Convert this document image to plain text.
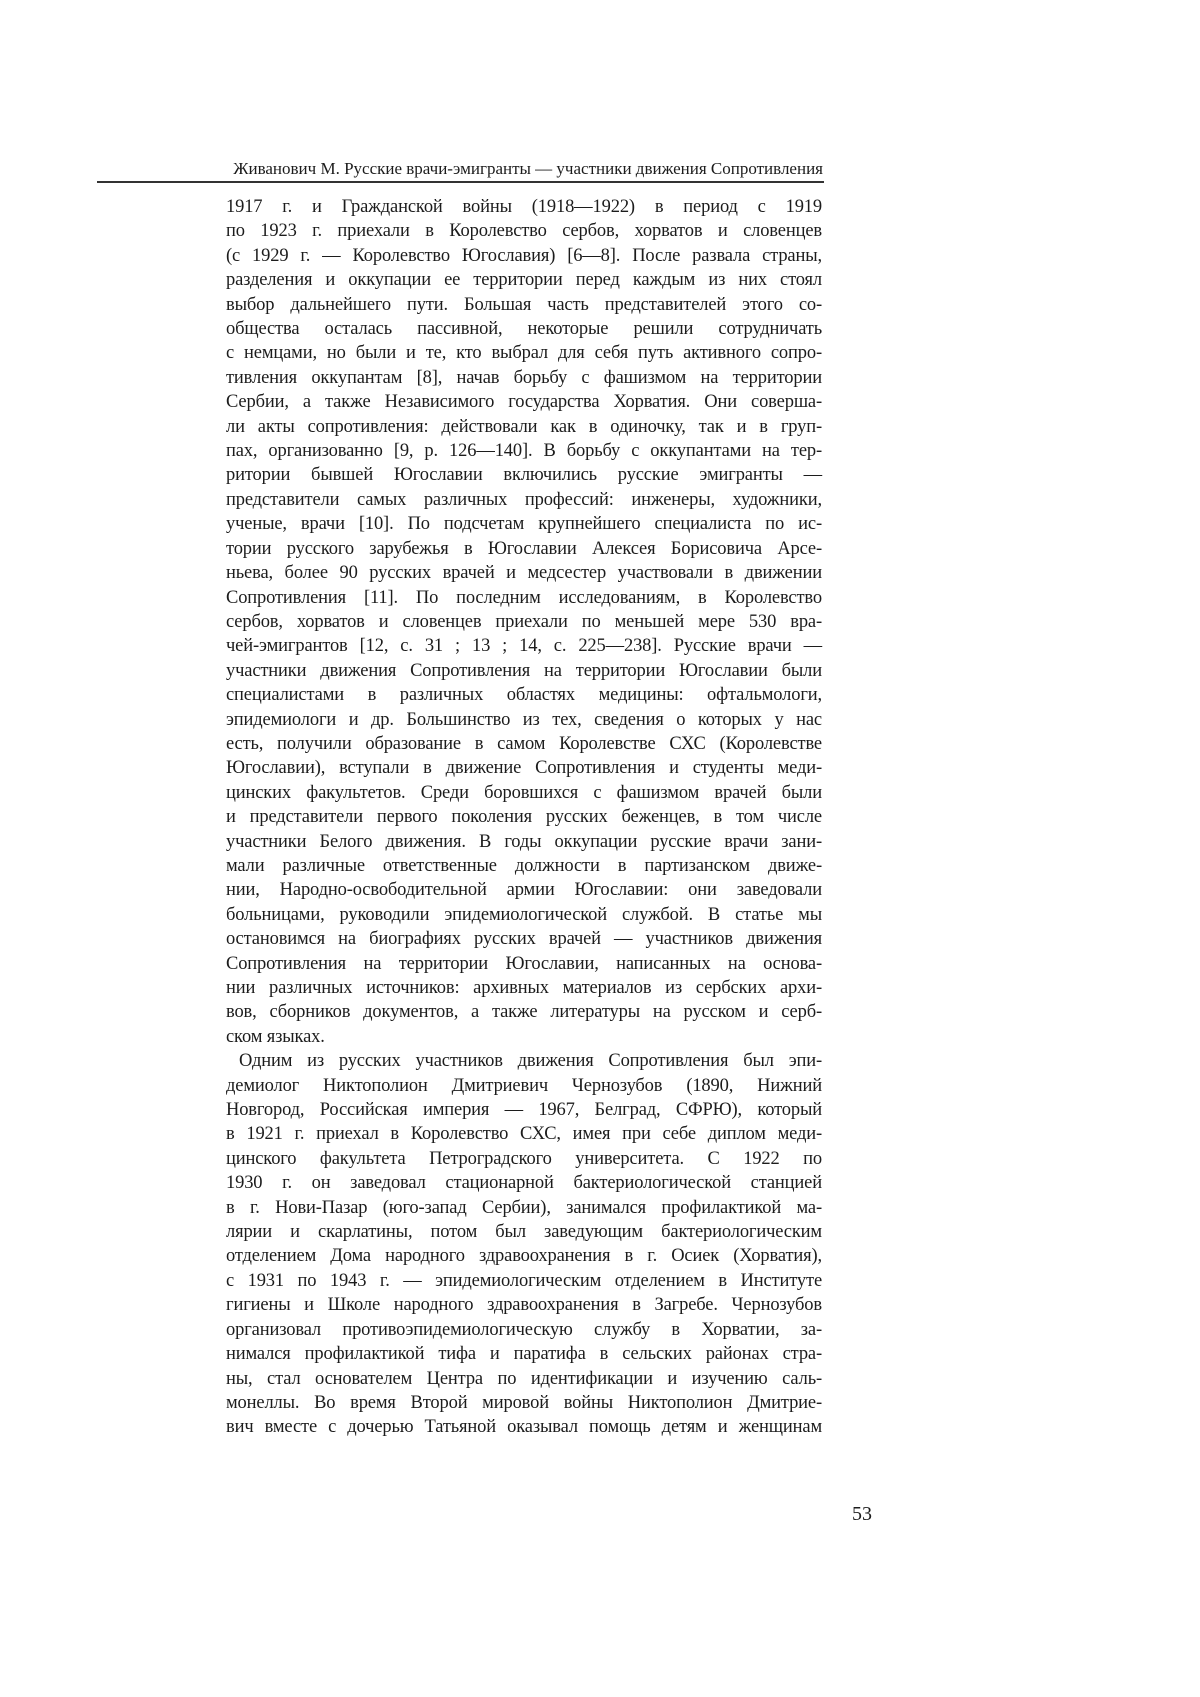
Живанович М. Русские врачи-эмигранты — участники движения Сопротивления
1917 г. и Гражданской войны (1918—1922) в период с 1919
по 1923 г. приехали в Королевство сербов, хорватов и словенцев
(с 1929 г. — Королевство Югославия) [6—8]. После развала страны,
разделения и оккупации ее территории перед каждым из них стоял
выбор дальнейшего пути. Большая часть представителей этого со-
общества осталась пассивной, некоторые решили сотрудничать
с немцами, но были и те, кто выбрал для себя путь активного сопро-
тивления оккупантам [8], начав борьбу с фашизмом на территории
Сербии, а также Независимого государства Хорватия. Они соверша-
ли акты сопротивления: действовали как в одиночку, так и в груп-
пах, организованно [9, p. 126—140]. В борьбу с оккупантами на тер-
ритории бывшей Югославии включились русские эмигранты —
представители самых различных профессий: инженеры, художники,
ученые, врачи [10]. По подсчетам крупнейшего специалиста по ис-
тории русского зарубежья в Югославии Алексея Борисовича Арсе-
ньева, более 90 русских врачей и медсестер участвовали в движении
Сопротивления [11]. По последним исследованиям, в Королевство
сербов, хорватов и словенцев приехали по меньшей мере 530 вра-
чей-эмигрантов [12, с. 31 ; 13 ; 14, с. 225—238]. Русские врачи —
участники движения Сопротивления на территории Югославии были
специалистами в различных областях медицины: офтальмологи,
эпидемиологи и др. Большинство из тех, сведения о которых у нас
есть, получили образование в самом Королевстве СХС (Королевстве
Югославии), вступали в движение Сопротивления и студенты меди-
цинских факультетов. Среди боровшихся с фашизмом врачей были
и представители первого поколения русских беженцев, в том числе
участники Белого движения. В годы оккупации русские врачи зани-
мали различные ответственные должности в партизанском движе-
нии, Народно-освободительной армии Югославии: они заведовали
больницами, руководили эпидемиологической службой. В статье мы
остановимся на биографиях русских врачей — участников движения
Сопротивления на территории Югославии, написанных на основа-
нии различных источников: архивных материалов из сербских архи-
вов, сборников документов, а также литературы на русском и серб-
ском языках.
Одним из русских участников движения Сопротивления был эпи-
демиолог Никтополион Дмитриевич Чернозубов (1890, Нижний
Новгород, Российская империя — 1967, Белград, СФРЮ), который
в 1921 г. приехал в Королевство СХС, имея при себе диплом меди-
цинского факультета Петроградского университета. С 1922 по
1930 г. он заведовал стационарной бактериологической станцией
в г. Нови-Пазар (юго-запад Сербии), занимался профилактикой ма-
лярии и скарлатины, потом был заведующим бактериологическим
отделением Дома народного здравоохранения в г. Осиек (Хорватия),
с 1931 по 1943 г. — эпидемиологическим отделением в Институте
гигиены и Школе народного здравоохранения в Загребе. Чернозубов
организовал противоэпидемиологическую службу в Хорватии, за-
нимался профилактикой тифа и паратифа в сельских районах стра-
ны, стал основателем Центра по идентификации и изучению саль-
монеллы. Во время Второй мировой войны Никтополион Дмитрие-
вич вместе с дочерью Татьяной оказывал помощь детям и женщинам
53
